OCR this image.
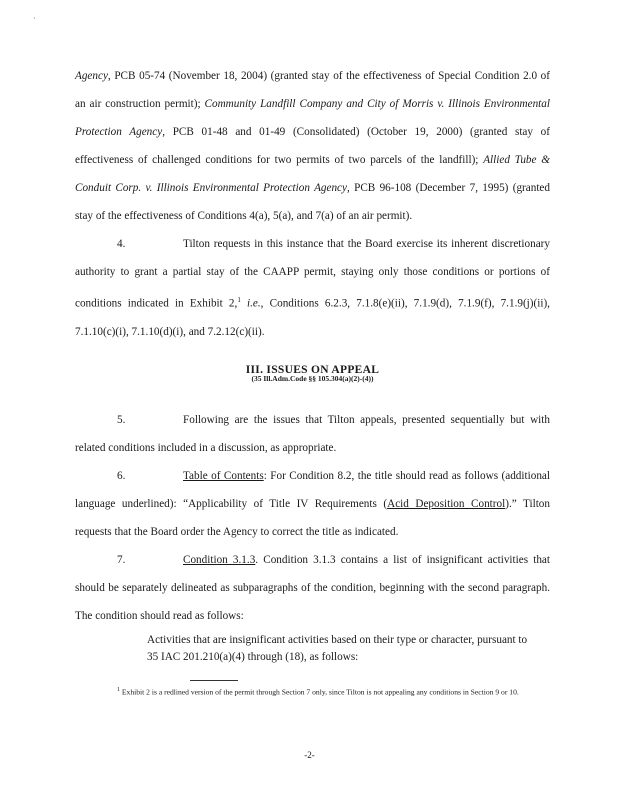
·

Agency, PCB 05-74 (November 18, 2004) (granted stay of the effectiveness of Special Condition 2.0 of an air construction permit); Community Landfill Company and City of Morris v. Illinois Environmental Protection Agency, PCB 01-48 and 01-49 (Consolidated) (October 19, 2000) (granted stay of effectiveness of challenged conditions for two permits of two parcels of the landfill); Allied Tube & Conduit Corp. v. Illinois Environmental Protection Agency, PCB 96-108 (December 7, 1995) (granted stay of the effectiveness of Conditions 4(a), 5(a), and 7(a) of an air permit).

4.	Tilton requests in this instance that the Board exercise its inherent discretionary authority to grant a partial stay of the CAAPP permit, staying only those conditions or portions of conditions indicated in Exhibit 2,$^1$ i.e., Conditions 6.2.3, 7.1.8(e)(ii), 7.1.9(d), 7.1.9(f), 7.1.9(j)(ii), 7.1.10(c)(i), 7.1.10(d)(i), and 7.2.12(c)(ii).

III. ISSUES ON APPEAL
(35 Ill.Adm.Code §§ 105.304(a)(2)-(4))

5.	Following are the issues that Tilton appeals, presented sequentially but with related conditions included in a discussion, as appropriate.

6.	Table of Contents: For Condition 8.2, the title should read as follows (additional language underlined): “Applicability of Title IV Requirements (Acid Deposition Control).” Tilton requests that the Board order the Agency to correct the title as indicated.

7.	Condition 3.1.3. Condition 3.1.3 contains a list of insignificant activities that should be separately delineated as subparagraphs of the condition, beginning with the second paragraph. The condition should read as follows:

Activities that are insignificant activities based on their type or character, pursuant to 35 IAC 201.210(a)(4) through (18), as follows:
$^1$ Exhibit 2 is a redlined version of the permit through Section 7 only, since Tilton is not appealing any conditions in Section 9 or 10.
-2-
